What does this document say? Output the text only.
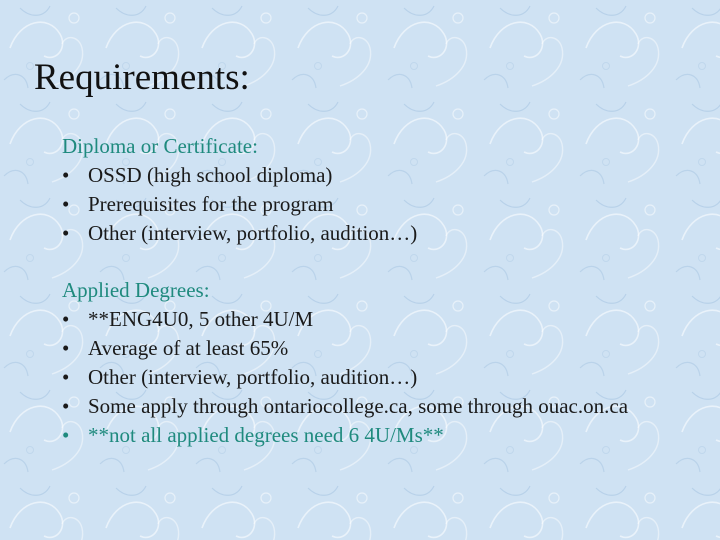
Requirements:
Diploma or Certificate:
• OSSD (high school diploma)
• Prerequisites for the program
• Other (interview, portfolio, audition…)
Applied Degrees:
• **ENG4U0, 5 other 4U/M
• Average of at least 65%
• Other (interview, portfolio, audition…)
• Some apply through ontariocollege.ca, some through ouac.on.ca
• **not all applied degrees need 6 4U/Ms**
